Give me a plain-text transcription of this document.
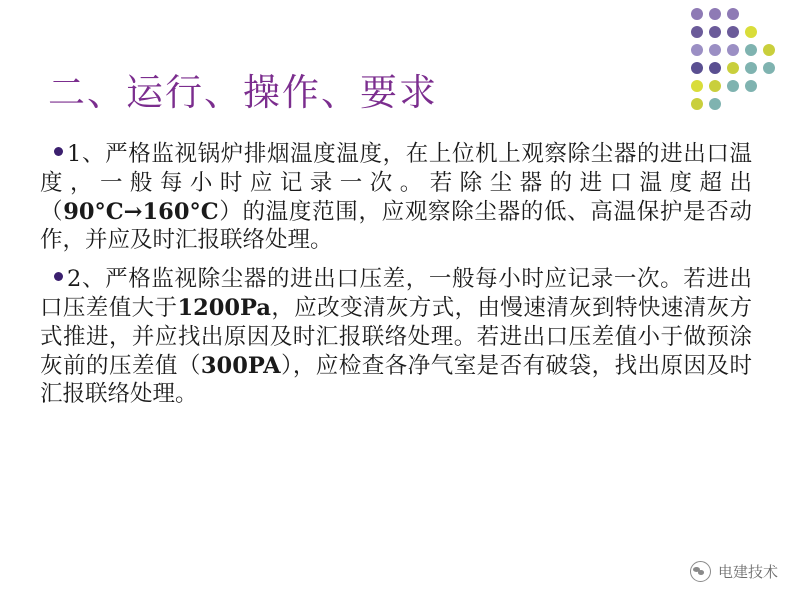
二、运行、操作、要求

1、严格监视锅炉排烟温度温度，在上位机上观察除尘器的进出口温度，一般每小时应记录一次。若除尘器的进口温度超出（90°C→160°C）的温度范围，应观察除尘器的低、高温保护是否动作，并应及时汇报联络处理。

2、严格监视除尘器的进出口压差，一般每小时应记录一次。若进出口压差值大于1200Pa，应改变清灰方式，由慢速清灰到特快速清灰方式推进，并应找出原因及时汇报联络处理。若进出口压差值小于做预涂灰前的压差值（300PA），应检查各净气室是否有破袋，找出原因及时汇报联络处理。

电建技术
